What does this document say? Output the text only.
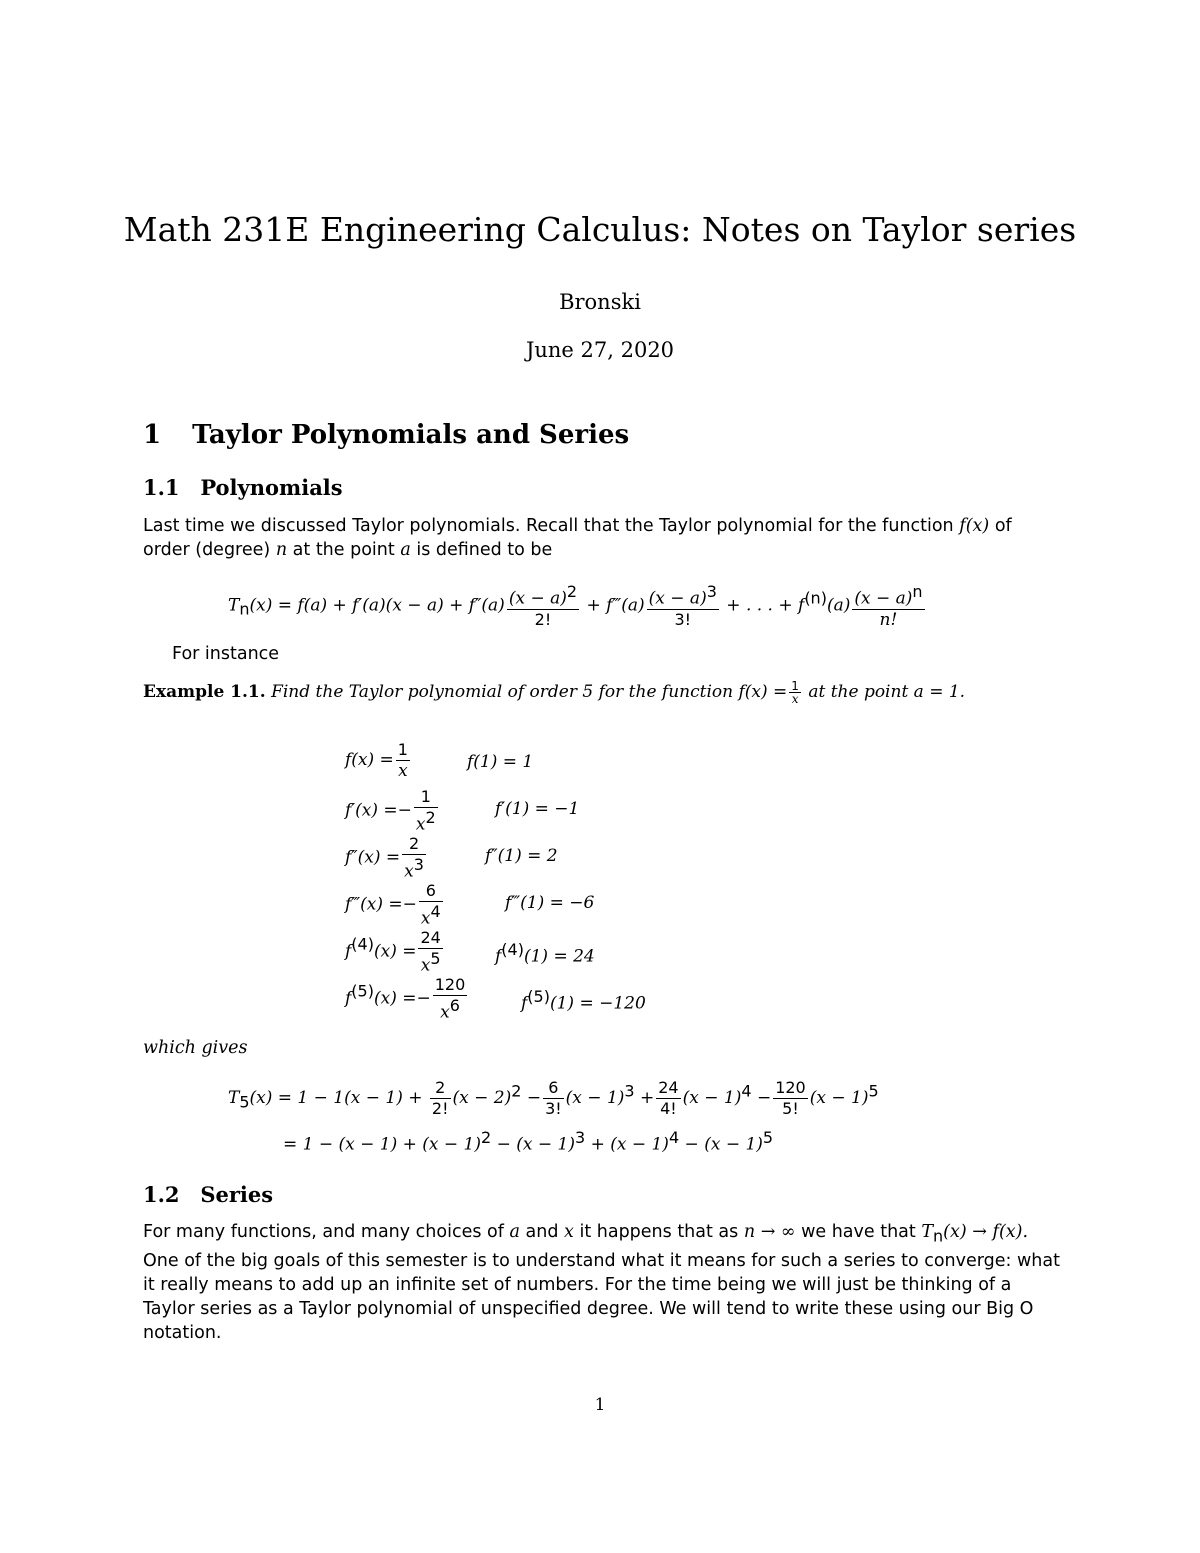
Math 231E Engineering Calculus: Notes on Taylor series
Bronski
June 27, 2020
1 Taylor Polynomials and Series
1.1 Polynomials
Last time we discussed Taylor polynomials. Recall that the Taylor polynomial for the function f(x) of order (degree) n at the point a is defined to be
$T_n(x) = f(a) + f'(a)(x - a) + f''(a) \frac{(x - a)^2}{2!}$ + f‴(a) $\frac{(x - a)^3}{3!}$ + . . . + $f^{(n)}(a) \frac{(x - a)^n}{n!}$
For instance
Example 1.1. Find the Taylor polynomial of order 5 for the function $f(x) = \frac{1}{x}$ at the point a = 1.
$f(x) = \frac{1}{x}$	f(1) = 1
$f'(x) =- \frac{1}{x^2}$	f′(1) = −1
$f''(x) = \frac{2}{x^3}$	f″(1) = 2
f‴(x) =− $\frac{6}{x^4}$	f‴(1) = −6
$f^{(4)}(x) = \frac{24}{x^5}$	$f^{(4)}(1) = 24$
$f^{(5)}(x) =- \frac{120}{x^6}$	$f^{(5)}(1) = -120$
which gives
$T_5(x) = 1 - 1(x - 1) + \frac{2}{2!} (x - 2)^2 - \frac{6}{3!} (x - 1)^3 + \frac{24}{4!} (x - 1)^4 - \frac{120}{5!} (x - 1)^5$
= $1 - (x - 1) + (x - 1)^2 - (x - 1)^3 + (x - 1)^4 - (x - 1)^5$
1.2 Series
For many functions, and many choices of a and x it happens that as n → ∞ we have that $T_n(x) \to f(x)$. One of the big goals of this semester is to understand what it means for such a series to converge: what it really means to add up an infinite set of numbers. For the time being we will just be thinking of a Taylor series as a Taylor polynomial of unspecified degree. We will tend to write these using our Big O notation.
1
